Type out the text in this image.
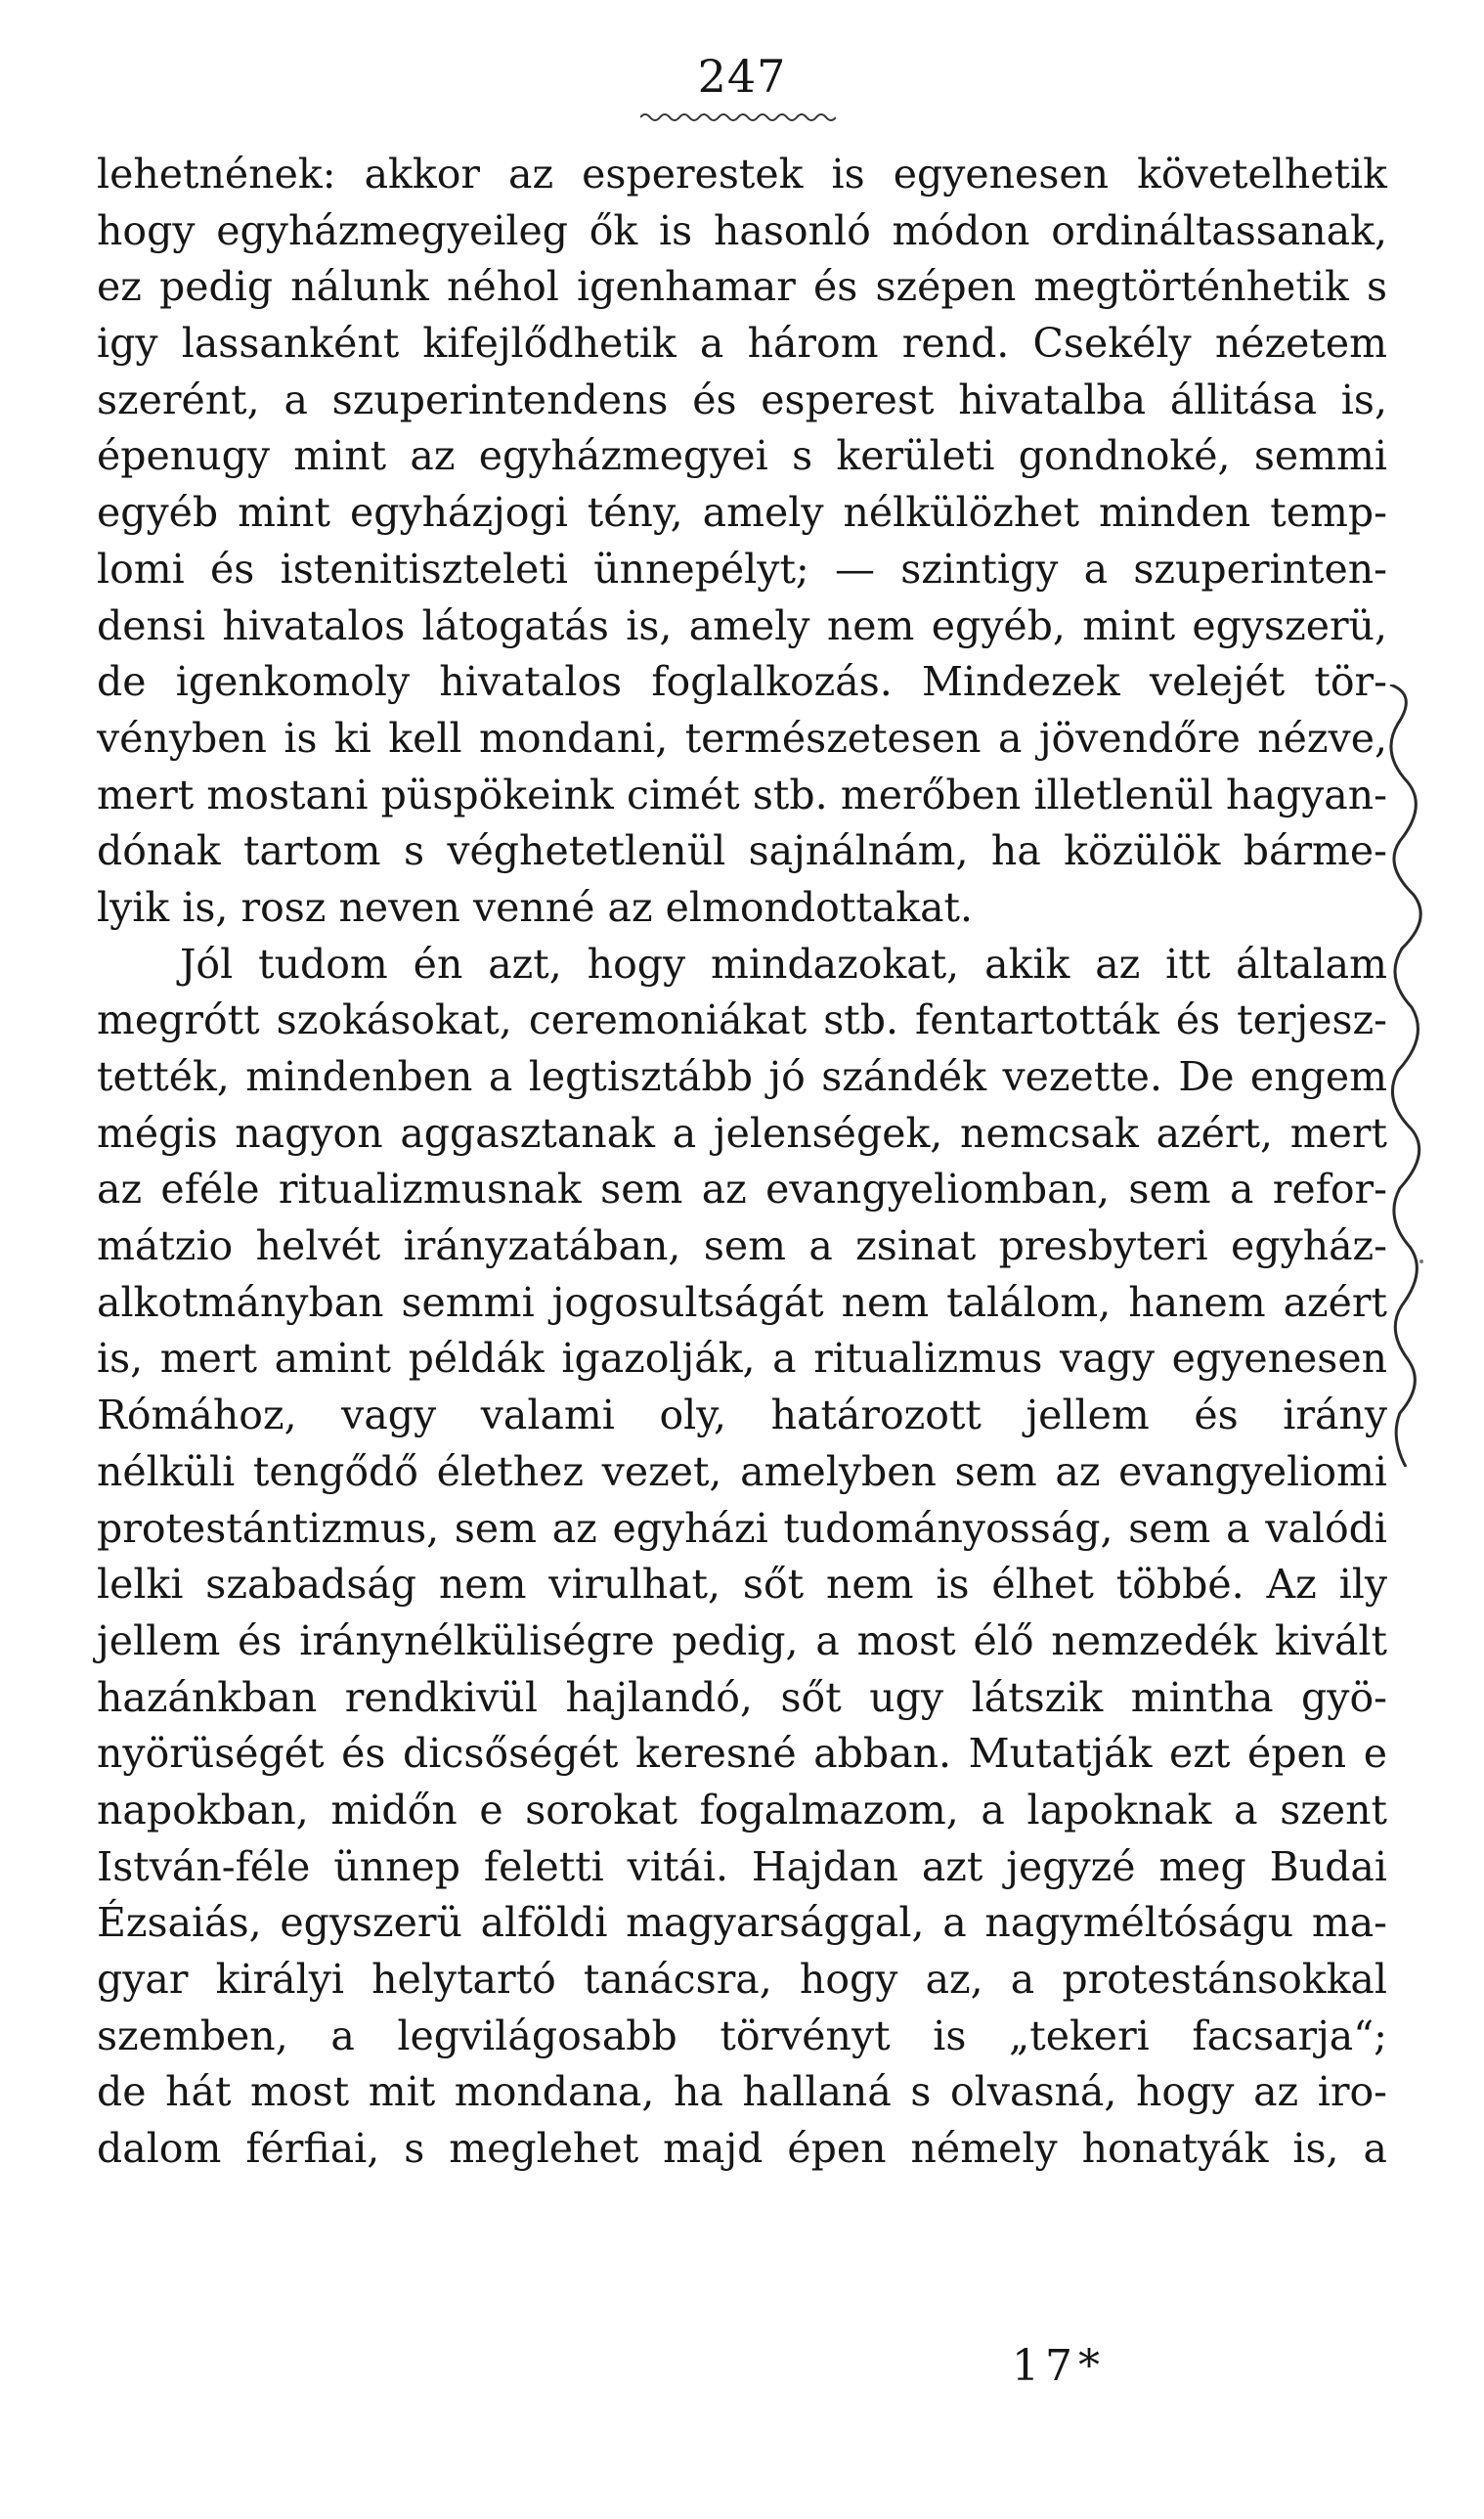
247
lehetnének: akkor az esperestek is egyenesen követelhetik
hogy egyházmegyeileg ők is hasonló módon ordináltassanak,
ez pedig nálunk néhol igenhamar és szépen megtörténhetik s
igy lassanként kifejlődhetik a három rend. Csekély nézetem
szerént, a szuperintendens és esperest hivatalba állitása is,
épenugy mint az egyházmegyei s kerületi gondnoké, semmi
egyéb mint egyházjogi tény, amely nélkülözhet minden temp-
lomi és istenitiszteleti ünnepélyt; — szintigy a szuperinten-
densi hivatalos látogatás is, amely nem egyéb, mint egyszerü,
de igenkomoly hivatalos foglalkozás. Mindezek velejét tör-
vényben is ki kell mondani, természetesen a jövendőre nézve,
mert mostani püspökeink cimét stb. merőben illetlenül hagyan-
dónak tartom s véghetetlenül sajnálnám, ha közülök bárme-
lyik is, rosz neven venné az elmondottakat.
Jól tudom én azt, hogy mindazokat, akik az itt általam
megrótt szokásokat, ceremoniákat stb. fentartották és terjesz-
tették, mindenben a legtisztább jó szándék vezette. De engem
mégis nagyon aggasztanak a jelenségek, nemcsak azért, mert
az eféle ritualizmusnak sem az evangyeliomban, sem a refor-
mátzio helvét irányzatában, sem a zsinat presbyteri egyház-
alkotmányban semmi jogosultságát nem találom, hanem azért
is, mert amint példák igazolják, a ritualizmus vagy egyenesen
Rómához, vagy valami oly, határozott jellem és irány
nélküli tengődő élethez vezet, amelyben sem az evangyeliomi
protestántizmus, sem az egyházi tudományosság, sem a valódi
lelki szabadság nem virulhat, sőt nem is élhet többé. Az ily
jellem és iránynélküliségre pedig, a most élő nemzedék kivált
hazánkban rendkivül hajlandó, sőt ugy látszik mintha gyö-
nyörüségét és dicsőségét keresné abban. Mutatják ezt épen e
napokban, midőn e sorokat fogalmazom, a lapoknak a szent
István-féle ünnep feletti vitái. Hajdan azt jegyzé meg Budai
Ézsaiás, egyszerü alföldi magyarsággal, a nagyméltóságu ma-
gyar királyi helytartó tanácsra, hogy az, a protestánsokkal
szemben, a legvilágosabb törvényt is „tekeri facsarja“;
de hát most mit mondana, ha hallaná s olvasná, hogy az iro-
dalom férfiai, s meglehet majd épen némely honatyák is, a
17*
